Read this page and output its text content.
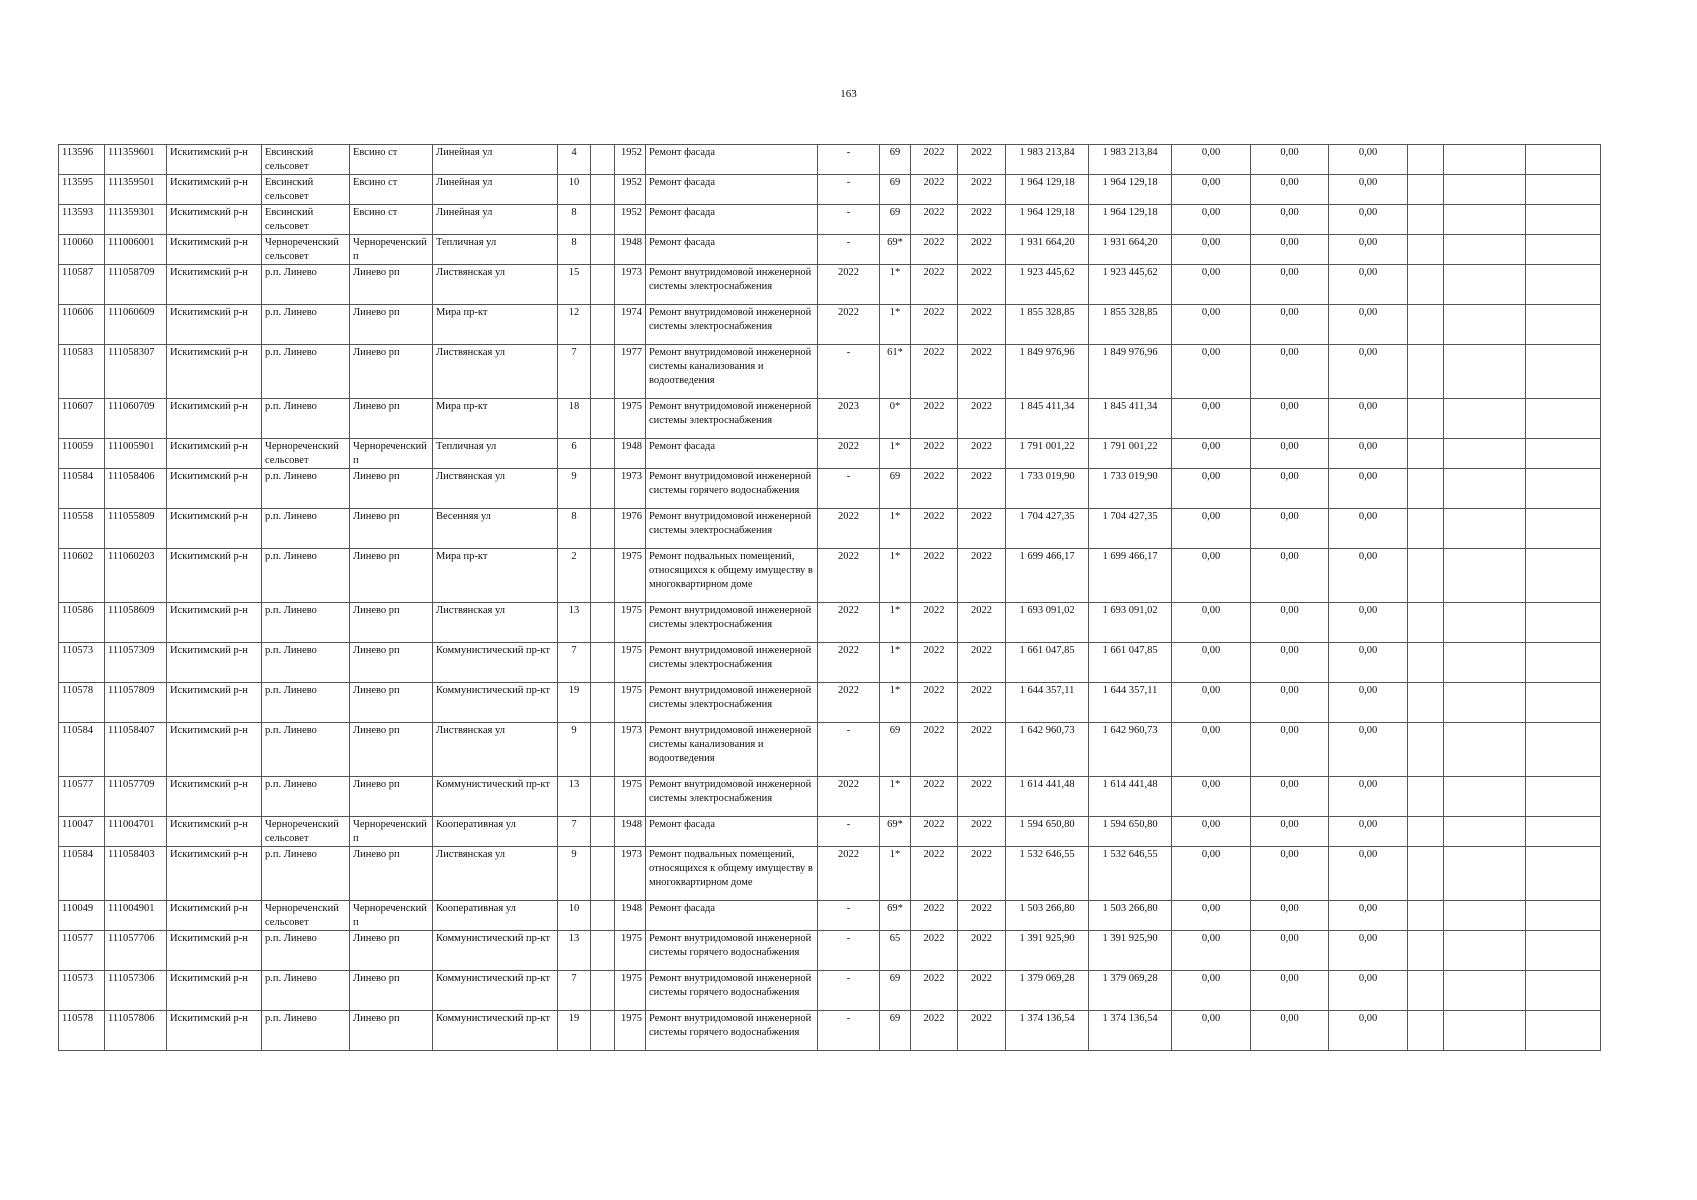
163
113596	111359601	Искитимский р-н	Евсинский сельсовет	Евсино ст	Линейная ул	4		1952	Ремонт фасада	-	69	2022	2022	1 983 213,84	1 983 213,84	0,00	0,00	0,00			
113595	111359501	Искитимский р-н	Евсинский сельсовет	Евсино ст	Линейная ул	10		1952	Ремонт фасада	-	69	2022	2022	1 964 129,18	1 964 129,18	0,00	0,00	0,00			
113593	111359301	Искитимский р-н	Евсинский сельсовет	Евсино ст	Линейная ул	8		1952	Ремонт фасада	-	69	2022	2022	1 964 129,18	1 964 129,18	0,00	0,00	0,00			
110060	111006001	Искитимский р-н	Чернореченский сельсовет	Чернореченский п	Тепличная ул	8		1948	Ремонт фасада	-	69*	2022	2022	1 931 664,20	1 931 664,20	0,00	0,00	0,00			
110587	111058709	Искитимский р-н	р.п. Линево	Линево рп	Листвянская ул	15		1973	Ремонт внутридомовой инженерной системы электроснабжения	2022	1*	2022	2022	1 923 445,62	1 923 445,62	0,00	0,00	0,00			
110606	111060609	Искитимский р-н	р.п. Линево	Линево рп	Мира пр-кт	12		1974	Ремонт внутридомовой инженерной системы электроснабжения	2022	1*	2022	2022	1 855 328,85	1 855 328,85	0,00	0,00	0,00			
110583	111058307	Искитимский р-н	р.п. Линево	Линево рп	Листвянская ул	7		1977	Ремонт внутридомовой инженерной системы канализования и водоотведения	-	61*	2022	2022	1 849 976,96	1 849 976,96	0,00	0,00	0,00			
110607	111060709	Искитимский р-н	р.п. Линево	Линево рп	Мира пр-кт	18		1975	Ремонт внутридомовой инженерной системы электроснабжения	2023	0*	2022	2022	1 845 411,34	1 845 411,34	0,00	0,00	0,00			
110059	111005901	Искитимский р-н	Чернореченский сельсовет	Чернореченский п	Тепличная ул	6		1948	Ремонт фасада	2022	1*	2022	2022	1 791 001,22	1 791 001,22	0,00	0,00	0,00			
110584	111058406	Искитимский р-н	р.п. Линево	Линево рп	Листвянская ул	9		1973	Ремонт внутридомовой инженерной системы горячего водоснабжения	-	69	2022	2022	1 733 019,90	1 733 019,90	0,00	0,00	0,00			
110558	111055809	Искитимский р-н	р.п. Линево	Линево рп	Весенняя ул	8		1976	Ремонт внутридомовой инженерной системы электроснабжения	2022	1*	2022	2022	1 704 427,35	1 704 427,35	0,00	0,00	0,00			
110602	111060203	Искитимский р-н	р.п. Линево	Линево рп	Мира пр-кт	2		1975	Ремонт подвальных помещений, относящихся к общему имуществу в многоквартирном доме	2022	1*	2022	2022	1 699 466,17	1 699 466,17	0,00	0,00	0,00			
110586	111058609	Искитимский р-н	р.п. Линево	Линево рп	Листвянская ул	13		1975	Ремонт внутридомовой инженерной системы электроснабжения	2022	1*	2022	2022	1 693 091,02	1 693 091,02	0,00	0,00	0,00			
110573	111057309	Искитимский р-н	р.п. Линево	Линево рп	Коммунистический пр-кт	7		1975	Ремонт внутридомовой инженерной системы электроснабжения	2022	1*	2022	2022	1 661 047,85	1 661 047,85	0,00	0,00	0,00			
110578	111057809	Искитимский р-н	р.п. Линево	Линево рп	Коммунистический пр-кт	19		1975	Ремонт внутридомовой инженерной системы электроснабжения	2022	1*	2022	2022	1 644 357,11	1 644 357,11	0,00	0,00	0,00			
110584	111058407	Искитимский р-н	р.п. Линево	Линево рп	Листвянская ул	9		1973	Ремонт внутридомовой инженерной системы канализования и водоотведения	-	69	2022	2022	1 642 960,73	1 642 960,73	0,00	0,00	0,00			
110577	111057709	Искитимский р-н	р.п. Линево	Линево рп	Коммунистический пр-кт	13		1975	Ремонт внутридомовой инженерной системы электроснабжения	2022	1*	2022	2022	1 614 441,48	1 614 441,48	0,00	0,00	0,00			
110047	111004701	Искитимский р-н	Чернореченский сельсовет	Чернореченский п	Кооперативная ул	7		1948	Ремонт фасада	-	69*	2022	2022	1 594 650,80	1 594 650,80	0,00	0,00	0,00			
110584	111058403	Искитимский р-н	р.п. Линево	Линево рп	Листвянская ул	9		1973	Ремонт подвальных помещений, относящихся к общему имуществу в многоквартирном доме	2022	1*	2022	2022	1 532 646,55	1 532 646,55	0,00	0,00	0,00			
110049	111004901	Искитимский р-н	Чернореченский сельсовет	Чернореченский п	Кооперативная ул	10		1948	Ремонт фасада	-	69*	2022	2022	1 503 266,80	1 503 266,80	0,00	0,00	0,00			
110577	111057706	Искитимский р-н	р.п. Линево	Линево рп	Коммунистический пр-кт	13		1975	Ремонт внутридомовой инженерной системы горячего водоснабжения	-	65	2022	2022	1 391 925,90	1 391 925,90	0,00	0,00	0,00			
110573	111057306	Искитимский р-н	р.п. Линево	Линево рп	Коммунистический пр-кт	7		1975	Ремонт внутридомовой инженерной системы горячего водоснабжения	-	69	2022	2022	1 379 069,28	1 379 069,28	0,00	0,00	0,00			
110578	111057806	Искитимский р-н	р.п. Линево	Линево рп	Коммунистический пр-кт	19		1975	Ремонт внутридомовой инженерной системы горячего водоснабжения	-	69	2022	2022	1 374 136,54	1 374 136,54	0,00	0,00	0,00			
